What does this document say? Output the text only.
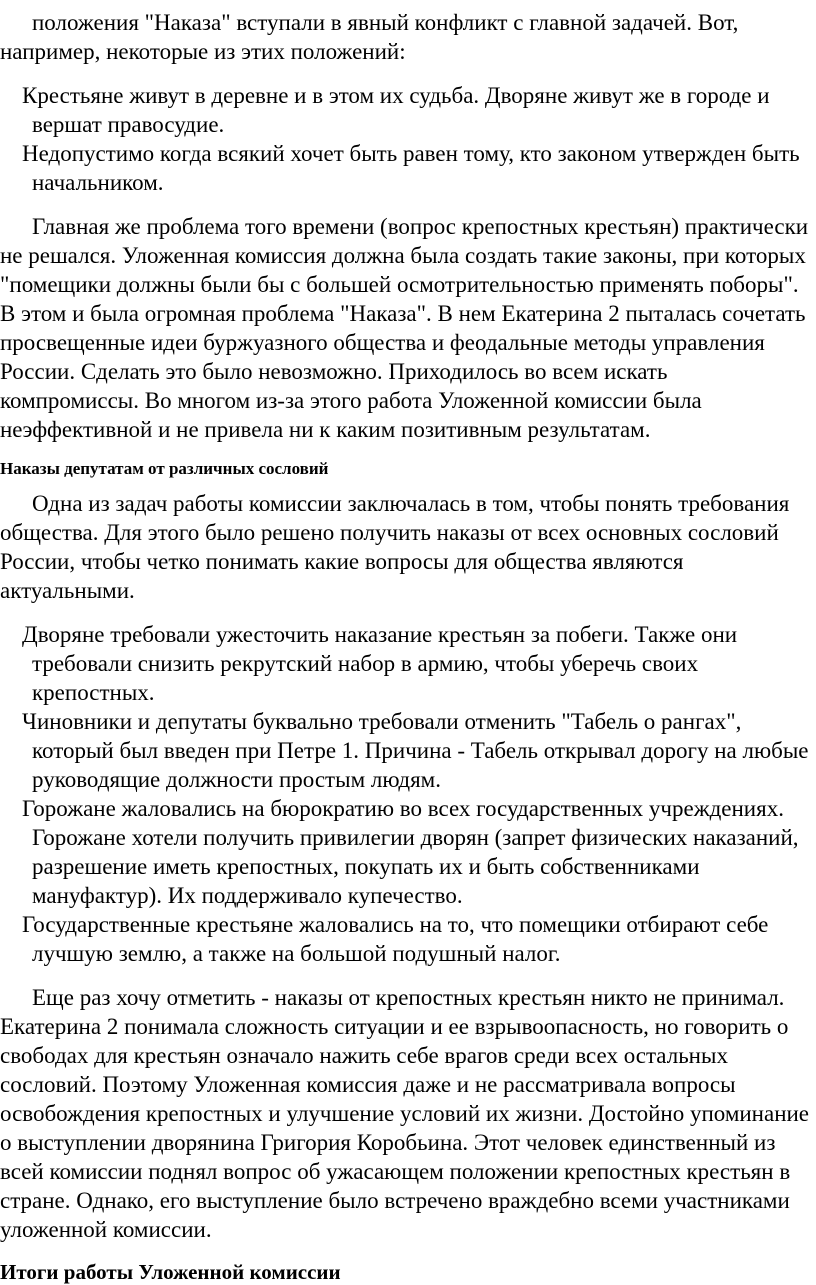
положения "Наказа" вступали в явный конфликт с главной задачей. Вот, например, некоторые из этих положений:

Крестьяне живут в деревне и в этом их судьба. Дворяне живут же в городе и вершат правосудие.
Недопустимо когда всякий хочет быть равен тому, кто законом утвержден быть начальником.

Главная же проблема того времени (вопрос крепостных крестьян) практически не решался. Уложенная комиссия должна была создать такие законы, при которых "помещики должны были бы с большей осмотрительностью применять поборы". В этом и была огромная проблема "Наказа". В нем Екатерина 2 пыталась сочетать просвещенные идеи буржуазного общества и феодальные методы управления России. Сделать это было невозможно. Приходилось во всем искать компромиссы. Во многом из-за этого работа Уложенной комиссии была неэффективной и не привела ни к каким позитивным результатам.

Наказы депутатам от различных сословий

Одна из задач работы комиссии заключалась в том, чтобы понять требования общества. Для этого было решено получить наказы от всех основных сословий России, чтобы четко понимать какие вопросы для общества являются актуальными.

Дворяне требовали ужесточить наказание крестьян за побеги. Также они требовали снизить рекрутский набор в армию, чтобы уберечь своих крепостных.
Чиновники и депутаты буквально требовали отменить "Табель о рангах", который был введен при Петре 1. Причина - Табель открывал дорогу на любые руководящие должности простым людям.
Горожане жаловались на бюрократию во всех государственных учреждениях. Горожане хотели получить привилегии дворян (запрет физических наказаний, разрешение иметь крепостных, покупать их и быть собственниками мануфактур). Их поддерживало купечество.
Государственные крестьяне жаловались на то, что помещики отбирают себе лучшую землю, а также на большой подушный налог.

Еще раз хочу отметить - наказы от крепостных крестьян никто не принимал. Екатерина 2 понимала сложность ситуации и ее взрывоопасность, но говорить о свободах для крестьян означало нажить себе врагов среди всех остальных сословий. Поэтому Уложенная комиссия даже и не рассматривала вопросы освобождения крепостных и улучшение условий их жизни. Достойно упоминание о выступлении дворянина Григория Коробьина. Этот человек единственный из всей комиссии поднял вопрос об ужасающем положении крепостных крестьян в стране. Однако, его выступление было встречено враждебно всеми участниками уложенной комиссии.

Итоги работы Уложенной комиссии
